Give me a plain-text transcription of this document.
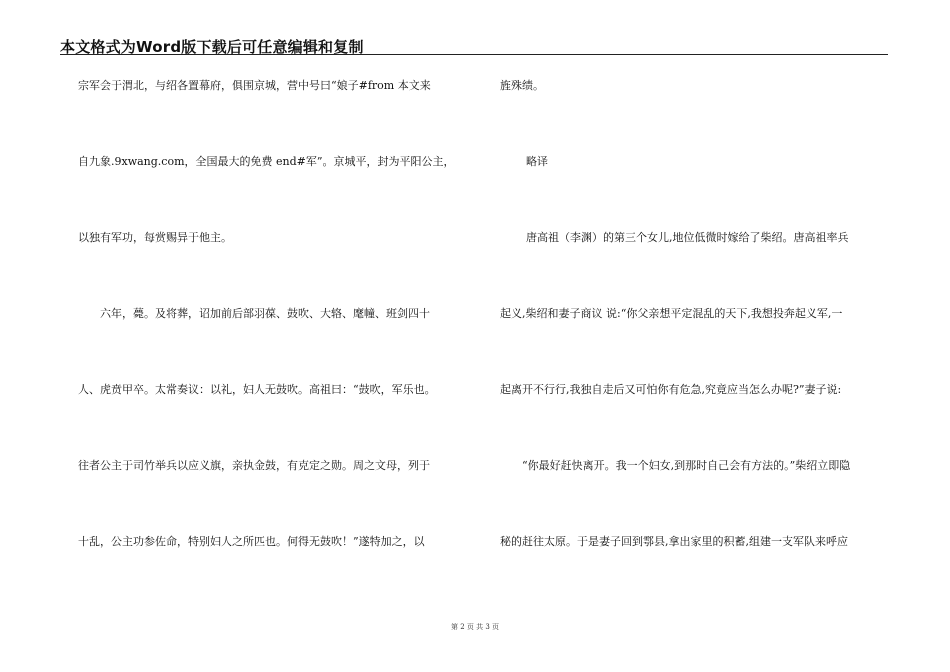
本文格式为Word版下载后可任意编辑和复制
宗军会于渭北，与绍各置幕府，俱围京城，营中号曰“娘子#from 本文来
自九象.9xwang.com，全国最大的免费 end#军”。京城平，封为平阳公主，
以独有军功，每赏赐异于他主。
六年，薨。及将葬，诏加前后部羽葆、鼓吹、大辂、麾幢、班剑四十
人、虎贲甲卒。太常奏议：以礼，妇人无鼓吹。高祖曰：“鼓吹，军乐也。
往者公主于司竹举兵以应义旗，亲执金鼓，有克定之勋。周之文母，列于
十乱，公主功参佐命，特别妇人之所匹也。何得无鼓吹！”遂特加之，以
旌殊绩。
略译
唐高祖（李渊）的第三个女儿,地位低微时嫁给了柴绍。唐高祖率兵
起义,柴绍和妻子商议 说:“你父亲想平定混乱的天下,我想投奔起义军,一
起离开不行行,我独自走后又可怕你有危急,究竟应当怎么办呢?”妻子说:
“你最好赶快离开。我一个妇女,到那时自己会有方法的。”柴绍立即隐
秘的赶往太原。于是妻子回到鄠县,拿出家里的积蓄,组建一支军队来呼应
第 2 页 共 3 页
